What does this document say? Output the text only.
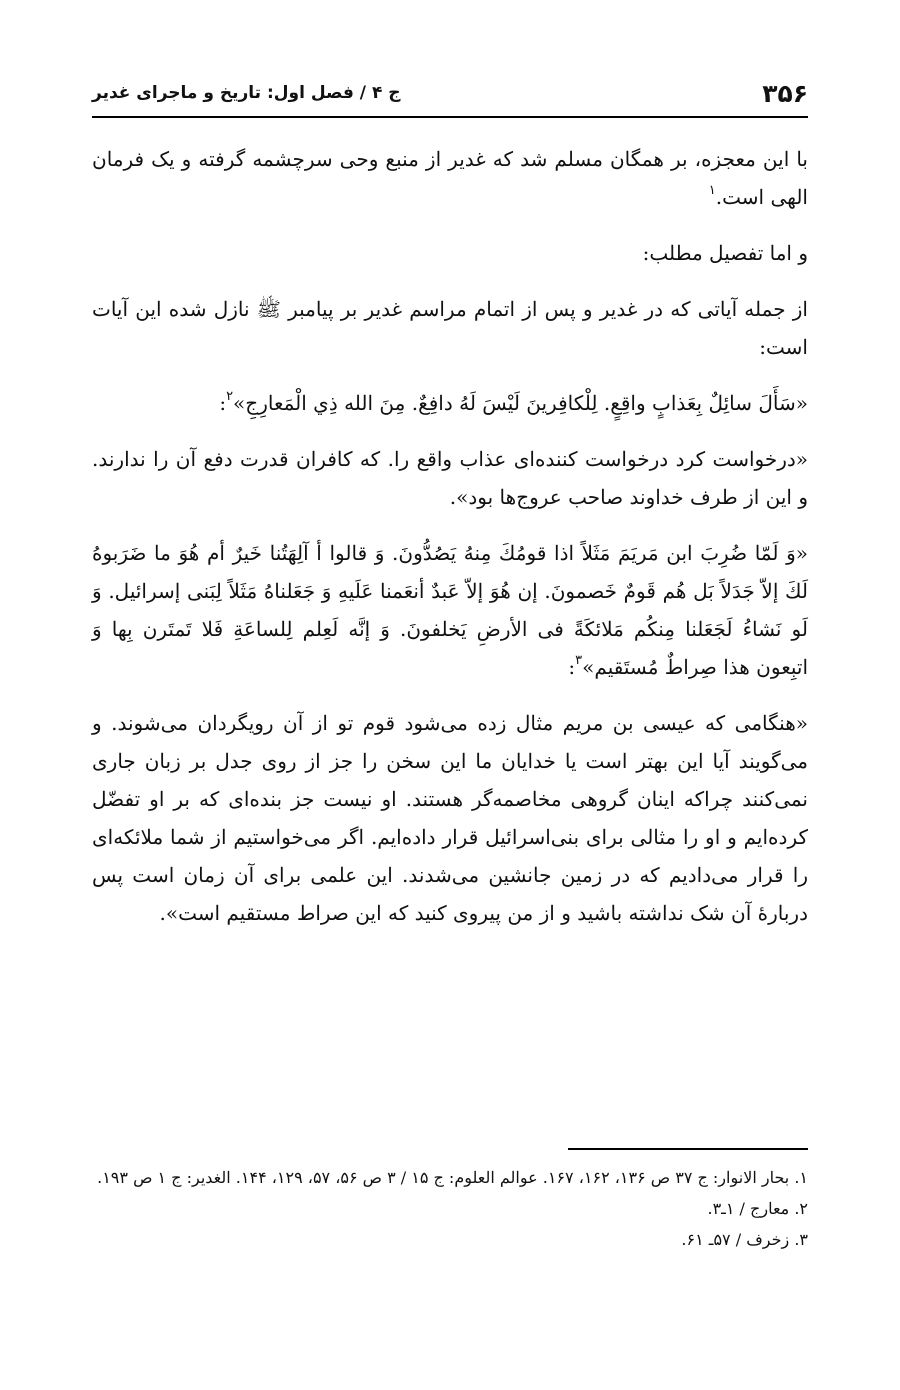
۳۵۶
ج ۴ / فصل اول: تاریخ و ماجرای غدیر

با این معجزه، بر همگان مسلم شد که غدیر از منبع وحی سرچشمه گرفته و یک فرمان الهی است.$^۱$

و اما تفصیل مطلب:

از جمله آیاتی که در غدیر و پس از اتمام مراسم غدیر بر پیامبر ﷺ نازل شده این آیات است:

«سَأَلَ سائِلٌ بِعَذابٍ واقِعٍ. لِلْكافِرينَ لَيْسَ لَهُ دافِعٌ. مِنَ الله ذِي الْمَعارِجِ»$^۲$:

«درخواست کرد درخواست کننده‌ای عذاب واقع را. که کافران قدرت دفع آن را ندارند. و این از طرف خداوند صاحب عروج‌ها بود».

«وَ لَمّا ضُرِبَ ابن مَريَمَ مَثَلاً اذا قومُكَ مِنهُ يَصُدُّونَ. وَ قالوا أ آلِهَتُنا خَيرٌ أم هُوَ ما ضَرَبوهُ لَكَ إلاّ جَدَلاً بَل هُم قَومٌ خَصمونَ. إن هُوَ إلاّ عَبدٌ أنعَمنا عَلَيهِ وَ جَعَلناهُ مَثَلاً لِبَنى إسرائيل. وَ لَو نَشاءُ لَجَعَلنا مِنكُم مَلائكَةً فى الأرضِ يَخلفونَ. وَ إنَّه لَعِلم لِلساعَةِ فَلا تَمتَرن بِها وَ اتبِعون هذا صِراطٌ مُستَقيم»$^۳$:

«هنگامی که عیسی بن مریم مثال زده می‌شود قوم تو از آن رویگردان می‌شوند. و می‌گویند آیا این بهتر است یا خدایان ما این سخن را جز از روی جدل بر زبان جاری نمی‌کنند چراکه اینان گروهی مخاصمه‌گر هستند. او نیست جز بنده‌ای که بر او تفضّل کرده‌ایم و او را مثالی برای بنی‌اسرائیل قرار داده‌ایم. اگر می‌خواستیم از شما ملائکه‌ای را قرار می‌دادیم که در زمین جانشین می‌شدند. این علمی برای آن زمان است پس دربارهٔ آن شک نداشته باشید و از من پیروی کنید که این صراط مستقیم است».

۱. بحار الانوار: ج ۳۷ ص ۱۳۶، ۱۶۲، ۱۶۷. عوالم العلوم: ج ۱۵ / ۳ ص ۵۶، ۵۷، ۱۲۹، ۱۴۴. الغدیر: ج ۱ ص ۱۹۳.

۲. معارج / ۱ـ۳.

۳. زخرف / ۵۷ـ ۶۱.
